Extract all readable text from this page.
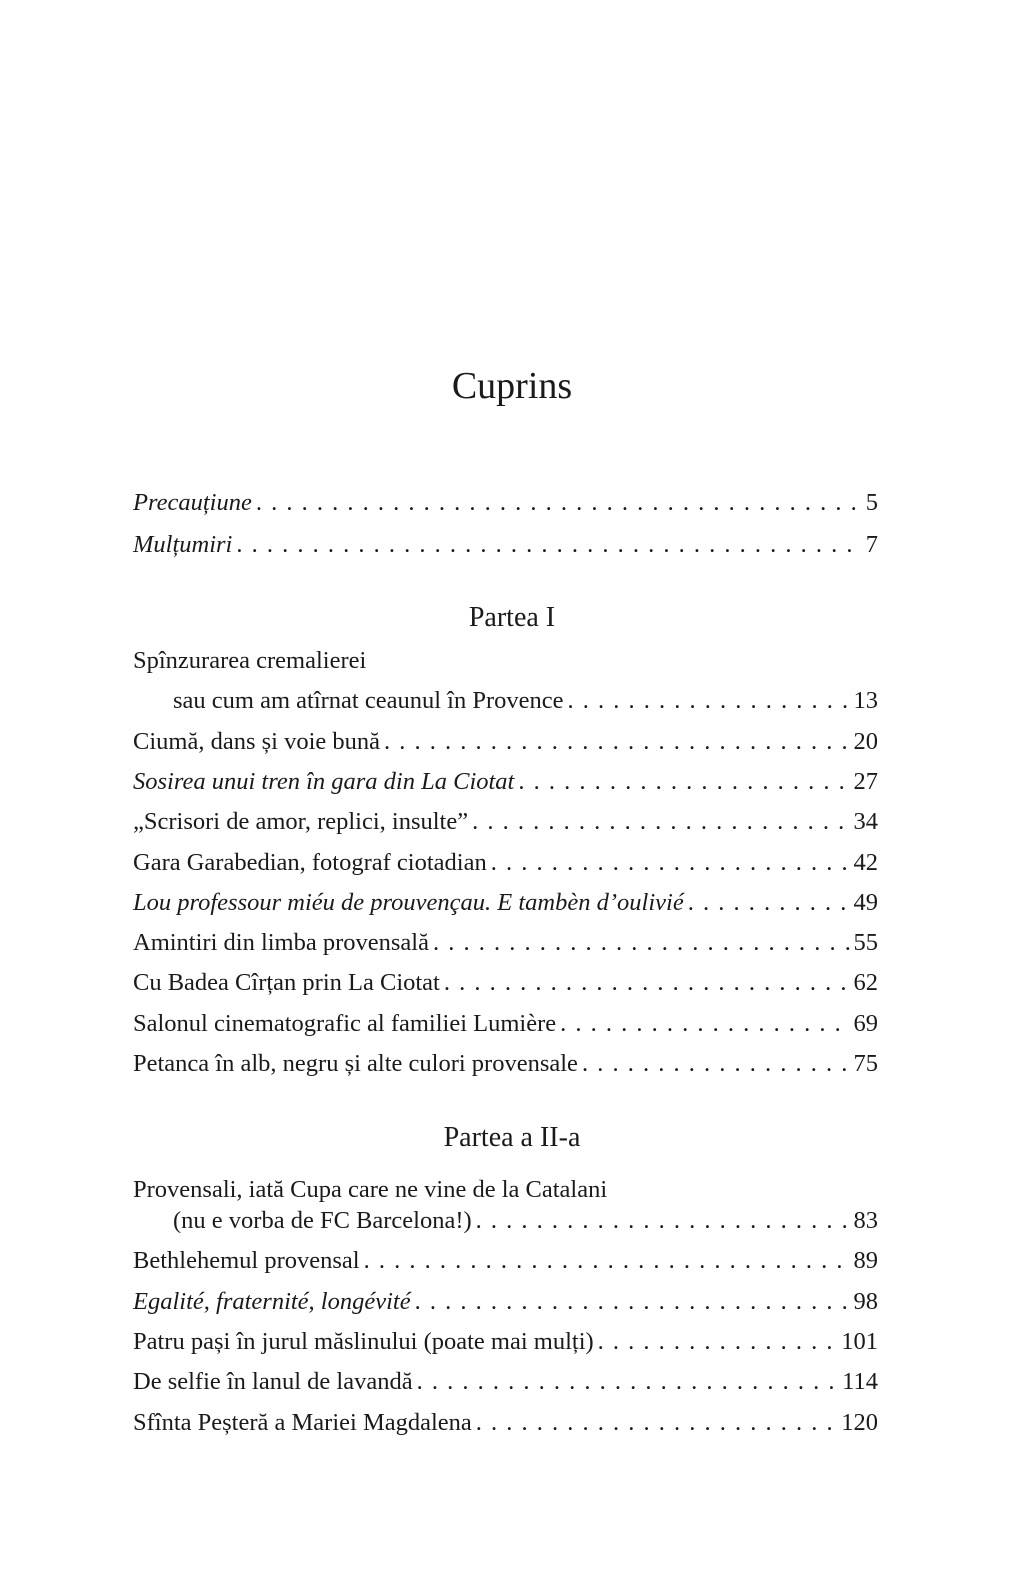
Cuprins
Precauțiune . . .	5
Mulțumiri . . .	7
Partea I
Spînzurarea cremalierei
sau cum am atîrnat ceaunul în Provence . . .	13
Ciumă, dans și voie bună . . .	20
Sosirea unui tren în gara din La Ciotat . . .	27
„Scrisori de amor, replici, insulte” . . .	34
Gara Garabedian, fotograf ciotadian . . .	42
Lou professour miéu de prouvençau. E tambèn d’oulivié . . .	49
Amintiri din limba provensală . . .	55
Cu Badea Cîrțan prin La Ciotat . . .	62
Salonul cinematografic al familiei Lumière . . .	69
Petanca în alb, negru și alte culori provensale . . .	75
Partea a II-a
Provensali, iată Cupa care ne vine de la Catalani
(nu e vorba de FC Barcelona!) . . .	83
Bethlehemul provensal . . .	89
Egalité, fraternité, longévité . . .	98
Patru pași în jurul măslinului (poate mai mulți) . . .	101
De selfie în lanul de lavandă . . .	114
Sfînta Peșteră a Mariei Magdalena . . .	120
